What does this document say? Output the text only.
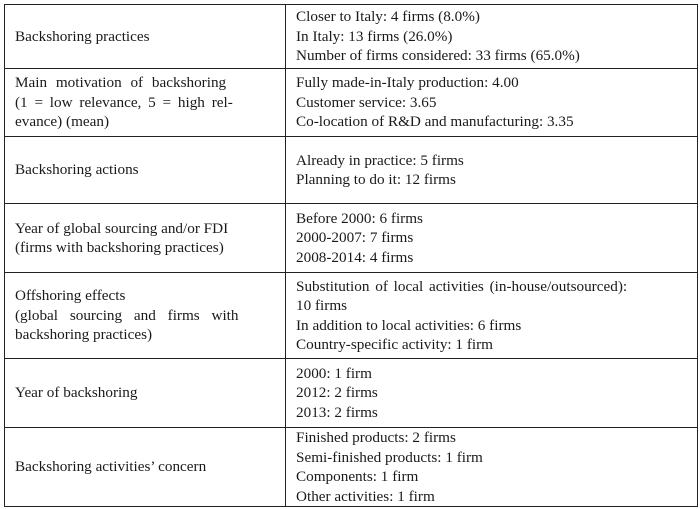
Backshoring practices	Closer to Italy: 4 firms (8.0%)
In Italy: 13 firms (26.0%)
Number of firms considered: 33 firms (65.0%)

Main motivation of backshoring
(1 = low relevance, 5 = high rel-
evance) (mean)	Fully made-in-Italy production: 4.00
Customer service: 3.65
Co-location of R&D and manufacturing: 3.35

Backshoring actions	Already in practice: 5 firms
Planning to do it: 12 firms

Year of global sourcing and/or FDI
(firms with backshoring practices)	Before 2000: 6 firms
2000-2007: 7 firms
2008-2014: 4 firms

Offshoring effects
(global sourcing and firms with
backshoring practices)	Substitution of local activities (in-house/outsourced):
10 firms
In addition to local activities: 6 firms
Country-specific activity: 1 firm

Year of backshoring	2000: 1 firm
2012: 2 firms
2013: 2 firms

Backshoring activities’ concern	Finished products: 2 firms
Semi-finished products: 1 firm
Components: 1 firm
Other activities: 1 firm
